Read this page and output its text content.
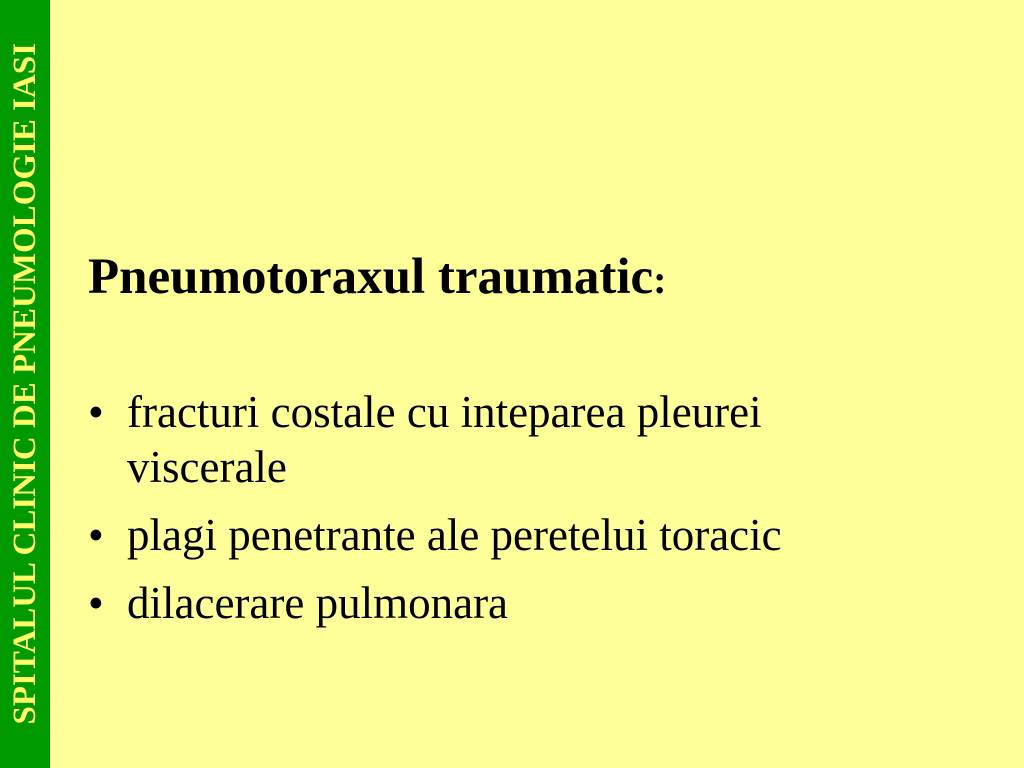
SPITALUL CLINIC DE PNEUMOLOGIE IASI Pneumotoraxul traumatic:
• fracturi costale cu inteparea pleurei viscerale
• plagi penetrante ale peretelui toracic
• dilacerare pulmonara
